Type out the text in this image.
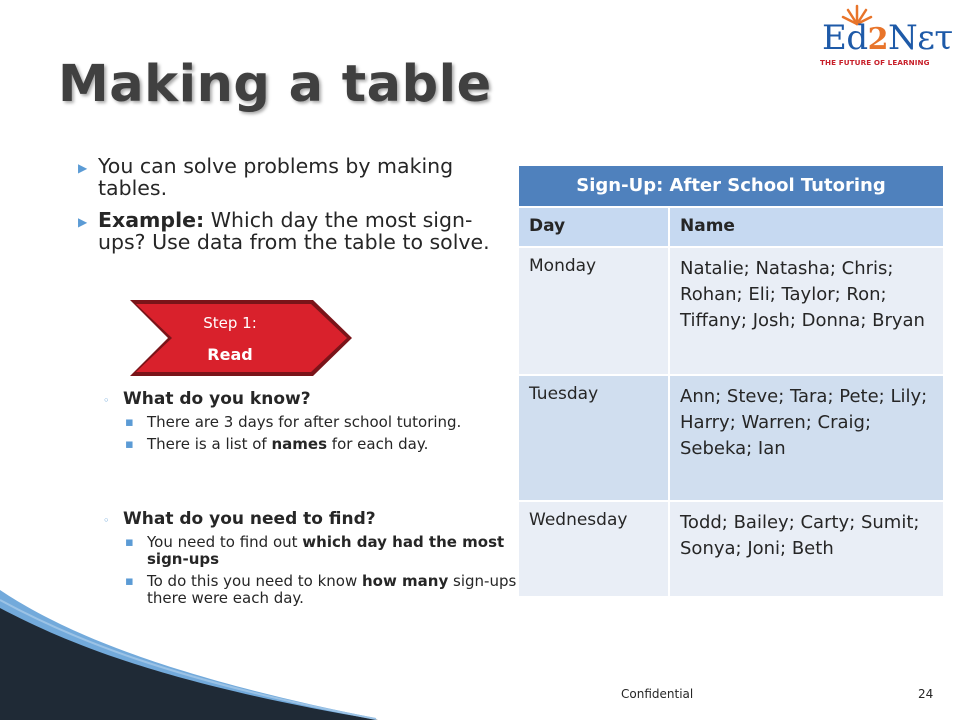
Making a table
Ed2Nετ
THE FUTURE OF LEARNING
▶ You can solve problems by making tables.
▶ Example: Which day the most sign-ups? Use data from the table to solve.
Step 1:
Read
◦ What do you know?
▪ There are 3 days for after school tutoring.
▪ There is a list of names for each day.
◦ What do you need to find?
▪ You need to find out which day had the most sign-ups
▪ To do this you need to know how many sign-ups there were each day.
Sign-Up: After School Tutoring
Day	Name
Monday	Natalie; Natasha; Chris; Rohan; Eli; Taylor; Ron; Tiffany; Josh; Donna; Bryan
Tuesday	Ann; Steve; Tara; Pete; Lily; Harry; Warren; Craig; Sebeka; Ian
Wednesday	Todd; Bailey; Carty; Sumit; Sonya; Joni; Beth
Confidential	24
